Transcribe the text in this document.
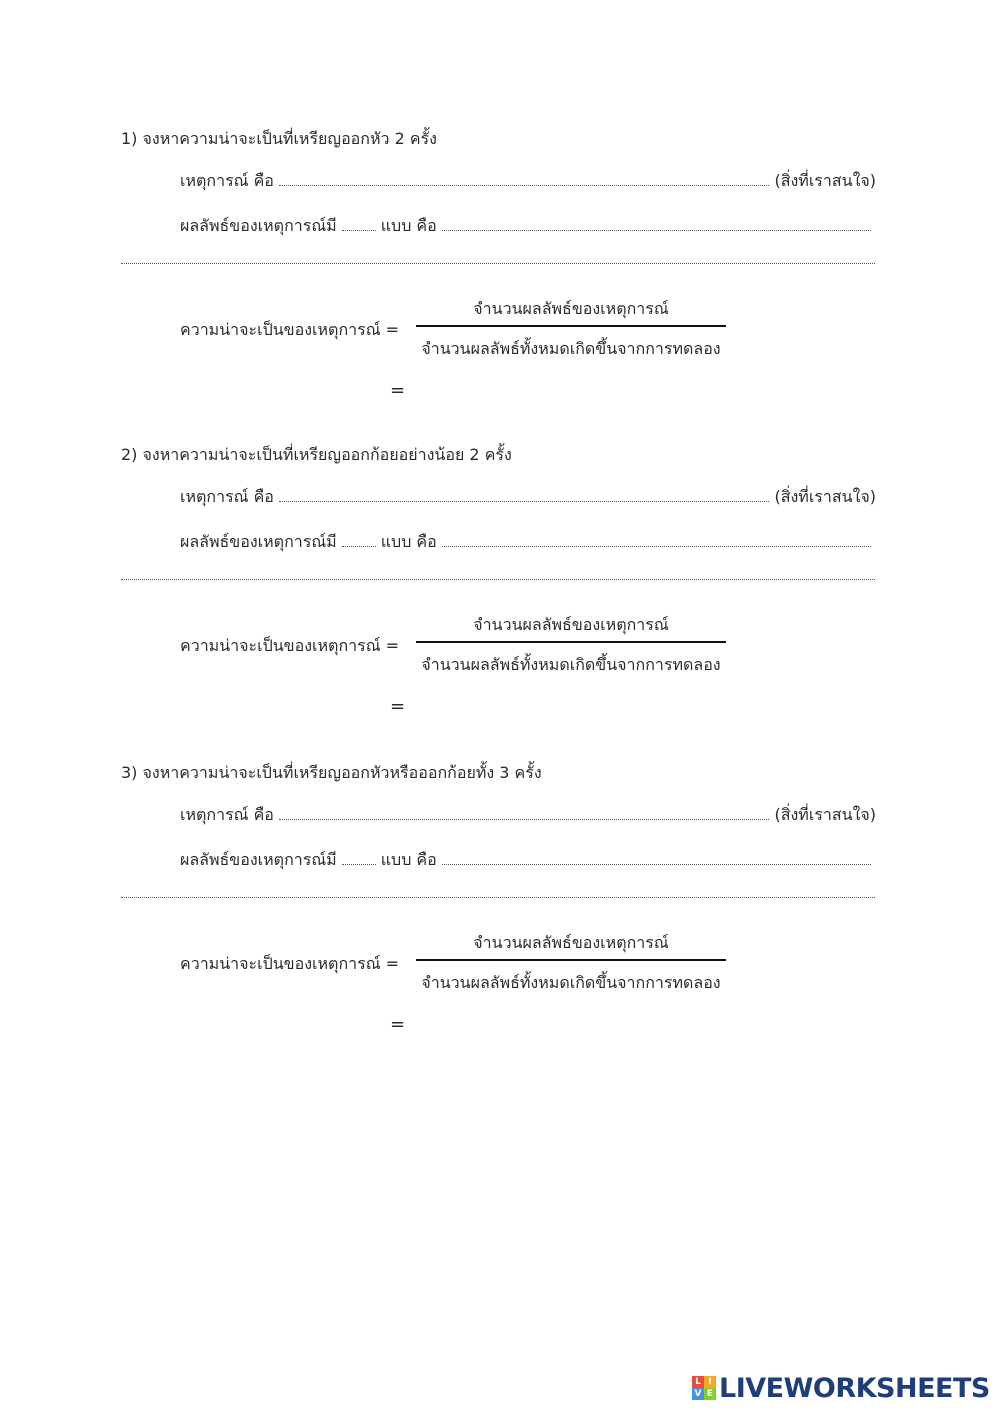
1) จงหาความน่าจะเป็นที่เหรียญออกหัว 2 ครั้ง
เหตุการณ์ คือ	(สิ่งที่เราสนใจ)
ผลลัพธ์ของเหตุการณ์มี	แบบ คือ
ความน่าจะเป็นของเหตุการณ์ =
จำนวนผลลัพธ์ของเหตุการณ์
จำนวนผลลัพธ์ทั้งหมดเกิดขึ้นจากการทดลอง
=
2) จงหาความน่าจะเป็นที่เหรียญออกก้อยอย่างน้อย 2 ครั้ง
เหตุการณ์ คือ	(สิ่งที่เราสนใจ)
ผลลัพธ์ของเหตุการณ์มี	แบบ คือ
ความน่าจะเป็นของเหตุการณ์ =
จำนวนผลลัพธ์ของเหตุการณ์
จำนวนผลลัพธ์ทั้งหมดเกิดขึ้นจากการทดลอง
=
3) จงหาความน่าจะเป็นที่เหรียญออกหัวหรือออกก้อยทั้ง 3 ครั้ง
เหตุการณ์ คือ	(สิ่งที่เราสนใจ)
ผลลัพธ์ของเหตุการณ์มี	แบบ คือ
ความน่าจะเป็นของเหตุการณ์ =
จำนวนผลลัพธ์ของเหตุการณ์
จำนวนผลลัพธ์ทั้งหมดเกิดขึ้นจากการทดลอง
=
L I
V E LIVEWORKSHEETS
